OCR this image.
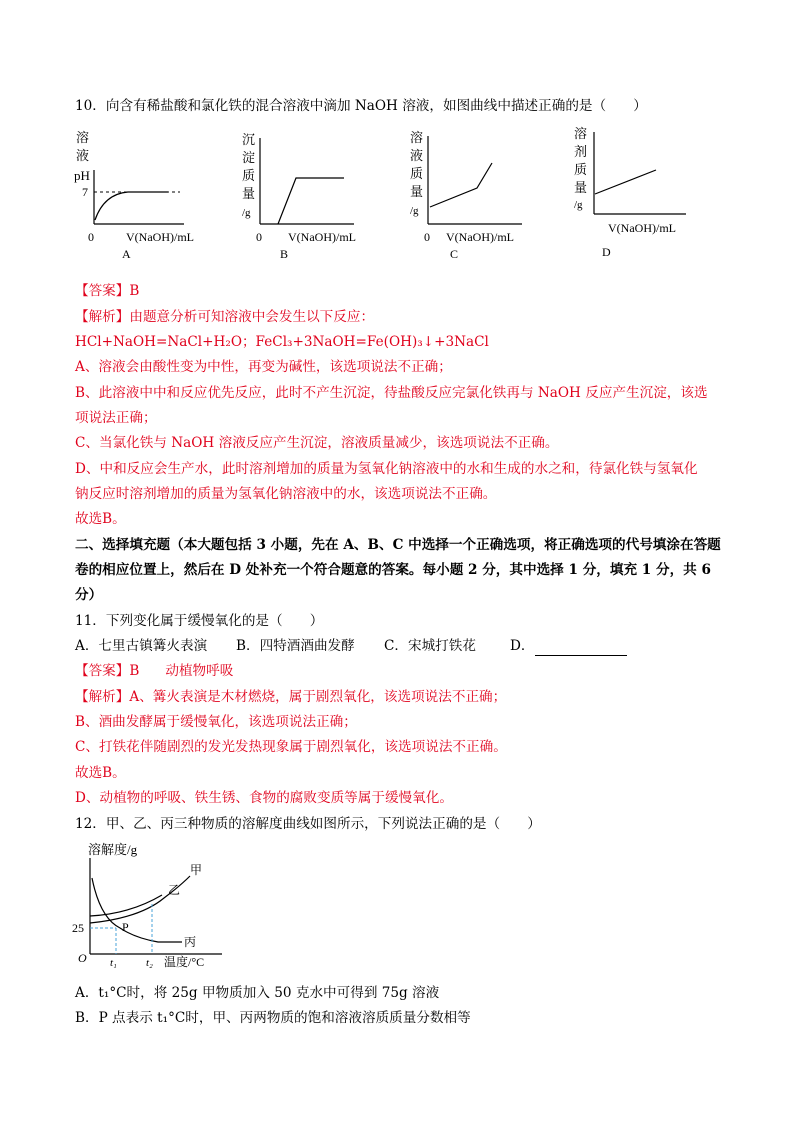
10．向含有稀盐酸和氯化铁的混合溶液中滴加 NaOH 溶液，如图曲线中描述正确的是（　　）
溶
液
pH
7
0	V(NaOH)/mL
A
沉
淀
质
量
/g
0 V(NaOH)/mL
B
溶
液
质
量
/g
0 V(NaOH)/mL
C
溶
剂
质
量
/g
V(NaOH)/mL
D
【答案】B
【解析】由题意分析可知溶液中会发生以下反应：
HCl+NaOH=NaCl+H₂O；FeCl₃+3NaOH=Fe(OH)₃↓+3NaCl
A、溶液会由酸性变为中性，再变为碱性，该选项说法不正确；
B、此溶液中中和反应优先反应，此时不产生沉淀，待盐酸反应完氯化铁再与 NaOH 反应产生沉淀，该选
项说法正确；
C、当氯化铁与 NaOH 溶液反应产生沉淀，溶液质量减少，该选项说法不正确。
D、中和反应会生产水，此时溶剂增加的质量为氢氧化钠溶液中的水和生成的水之和，待氯化铁与氢氧化
钠反应时溶剂增加的质量为氢氧化钠溶液中的水，该选项说法不正确。
故选B。
二、选择填充题（本大题包括 3 小题，先在 A、B、C 中选择一个正确选项，将正确选项的代号填涂在答题
卷的相应位置上，然后在 D 处补充一个符合题意的答案。每小题 2 分，其中选择 1 分，填充 1 分，共 6
分）
11．下列变化属于缓慢氧化的是（　　）
A．七里古镇篝火表演 B．四特酒酒曲发酵 C．宋城打铁花	D．
【答案】B 动植物呼吸
【解析】A、篝火表演是木材燃烧，属于剧烈氧化，该选项说法不正确；
B、酒曲发酵属于缓慢氧化，该选项说法正确；
C、打铁花伴随剧烈的发光发热现象属于剧烈氧化，该选项说法不正确。
故选B。
D、动植物的呼吸、铁生锈、食物的腐败变质等属于缓慢氧化。
12．甲、乙、丙三种物质的溶解度曲线如图所示，下列说法正确的是（　　）
溶解度/g
25	P
甲
乙
丙
O t₁	t₂ 温度/°C
A．t₁°C时，将 25g 甲物质加入 50 克水中可得到 75g 溶液
B．P 点表示 t₁°C时，甲、丙两物质的饱和溶液溶质质量分数相等
